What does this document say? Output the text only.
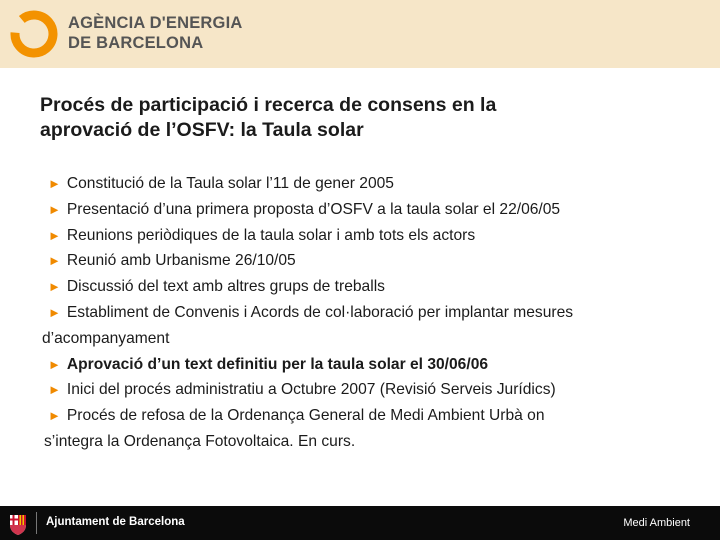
AGÈNCIA D'ENERGIA
DE BARCELONA
Procés de participació i recerca de consens en la
aprovació de l’OSFV: la Taula solar
► Constitució de la Taula solar l’11 de gener 2005
► Presentació d’una primera proposta d’OSFV a la taula solar el 22/06/05
► Reunions periòdiques de la taula solar i amb tots els actors
► Reunió amb Urbanisme 26/10/05
► Discussió del text amb altres grups de treballs
► Establiment de Convenis i Acords de col·laboració per implantar mesures
d’acompanyament
► Aprovació d’un text definitiu per la taula solar el 30/06/06
► Inici del procés administratiu a Octubre 2007 (Revisió Serveis Jurídics)
► Procés de refosa de la Ordenança General de Medi Ambient Urbà on
s’integra la Ordenança Fotovoltaica. En curs.
Ajuntament de Barcelona	Medi Ambient
